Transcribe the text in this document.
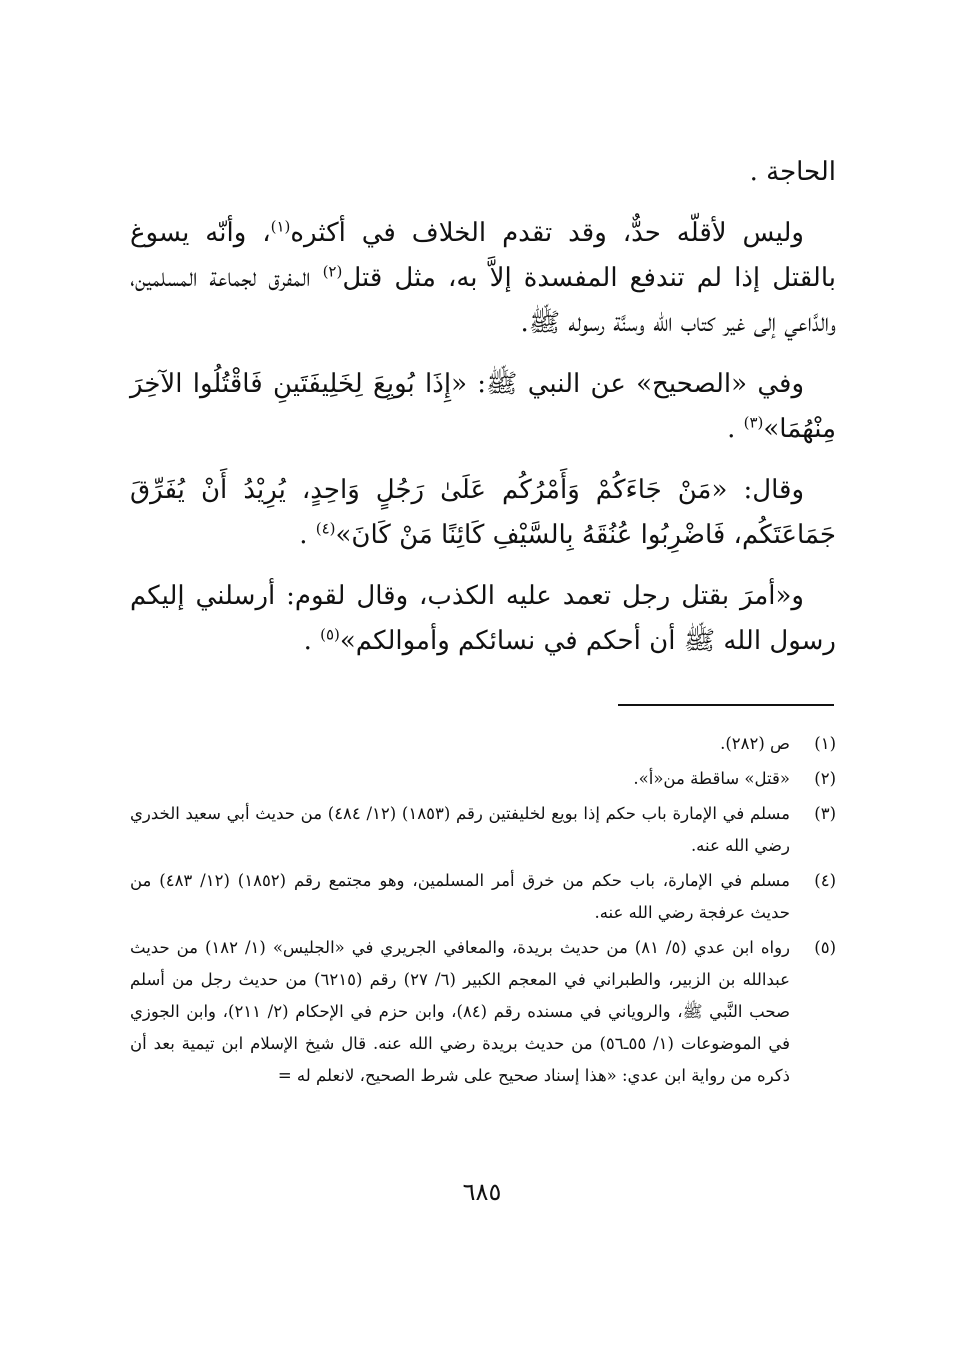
الحاجة .

وليس لأقلّه حدٌّ، وقد تقدم الخلاف في أكثره$^{(١)}$، وأنّه يسوغ بالقتل إذا لم تندفع المفسدة إلاَّ به، مثل قتل$^{(٢)}$ المفرق لجماعة المسلمين، والدَّاعي إلى غير كتاب الله وسنَّة رسوله ﷺ.

وفي «الصحيح» عن النبي ﷺ: «إِذَا بُويِعَ لِخَلِيفَتَينِ فَاقْتُلُوا الآخِرَ مِنْهُمَا»$^{(٣)}$ .

وقال: «مَنْ جَاءَكُمْ وَأَمْرُكُم عَلَىٰ رَجُلٍ وَاحِدٍ، يُرِيْدُ أَنْ يُفَرِّقَ جَمَاعَتَكُم، فَاضْرِبُوا عُنُقَهُ بِالسَّيْفِ كَائِنًا مَنْ كَانَ»$^{(٤)}$ .

و«أمرَ بقتل رجل تعمد عليه الكذب، وقال لقوم: أرسلني إليكم رسول الله ﷺ أن أحكم في نسائكم وأموالكم»$^{(٥)}$ .

(١)
ص (٢٨٢).
(٢)
«قتل» ساقطة من«أ».
(٣)
مسلم في الإمارة باب حكم إذا بويع لخليفتين رقم (١٨٥٣) (١٢/ ٤٨٤) من حديث أبي سعيد الخدري رضي الله عنه.
(٤)
مسلم في الإمارة، باب حكم من خرق أمر المسلمين، وهو مجتمع رقم (١٨٥٢) (١٢/ ٤٨٣) من حديث عرفجة رضي الله عنه.
(٥)
رواه ابن عدي (٥/ ٨١) من حديث بريدة، والمعافي الجريري في «الجليس» (١/ ١٨٢) من حديث عبدالله بن الزبير، والطبراني في المعجم الكبير (٦/ ٢٧) رقم (٦٢١٥) من حديث رجل من أسلم صحب النَّبي ﷺ، والروياني في مسنده رقم (٨٤)، وابن حزم في الإحكام (٢/ ٢١١)، وابن الجوزي في الموضوعات (١/ ٥٥ـ٥٦) من حديث بريدة رضي الله عنه. قال شيخ الإسلام ابن تيمية بعد أن ذكره من رواية ابن عدي: «هذا إسناد صحيح على شرط الصحيح، لانعلم له =
٦٨٥
